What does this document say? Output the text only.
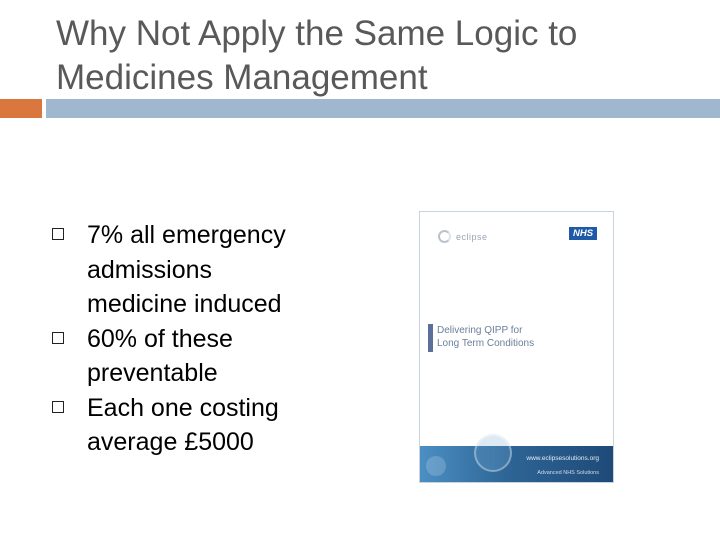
Why Not Apply the Same Logic to
Medicines Management
7% all emergency
admissions
medicine induced
60% of these
preventable
Each one costing
average £5000
eclipse	NHS
Delivering QIPP for
Long Term Conditions
www.eclipsesolutions.org
Advanced NHS Solutions
